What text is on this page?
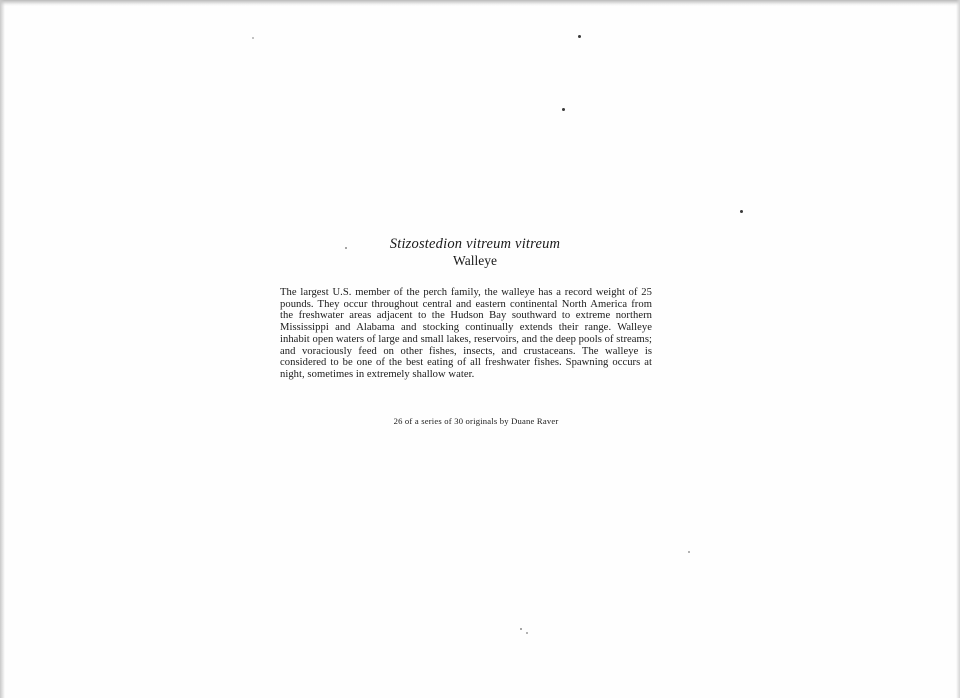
Stizostedion vitreum vitreum
Walleye
The largest U.S. member of the perch family, the walleye has a record weight of 25 pounds. They occur throughout central and eastern continental North America from the freshwater areas adjacent to the Hudson Bay southward to extreme northern Mississippi and Alabama and stocking continually extends their range. Walleye inhabit open waters of large and small lakes, reservoirs, and the deep pools of streams; and voraciously feed on other fishes, insects, and crustaceans. The walleye is considered to be one of the best eating of all freshwater fishes. Spawning occurs at night, sometimes in extremely shallow water.
26 of a series of 30 originals by Duane Raver
